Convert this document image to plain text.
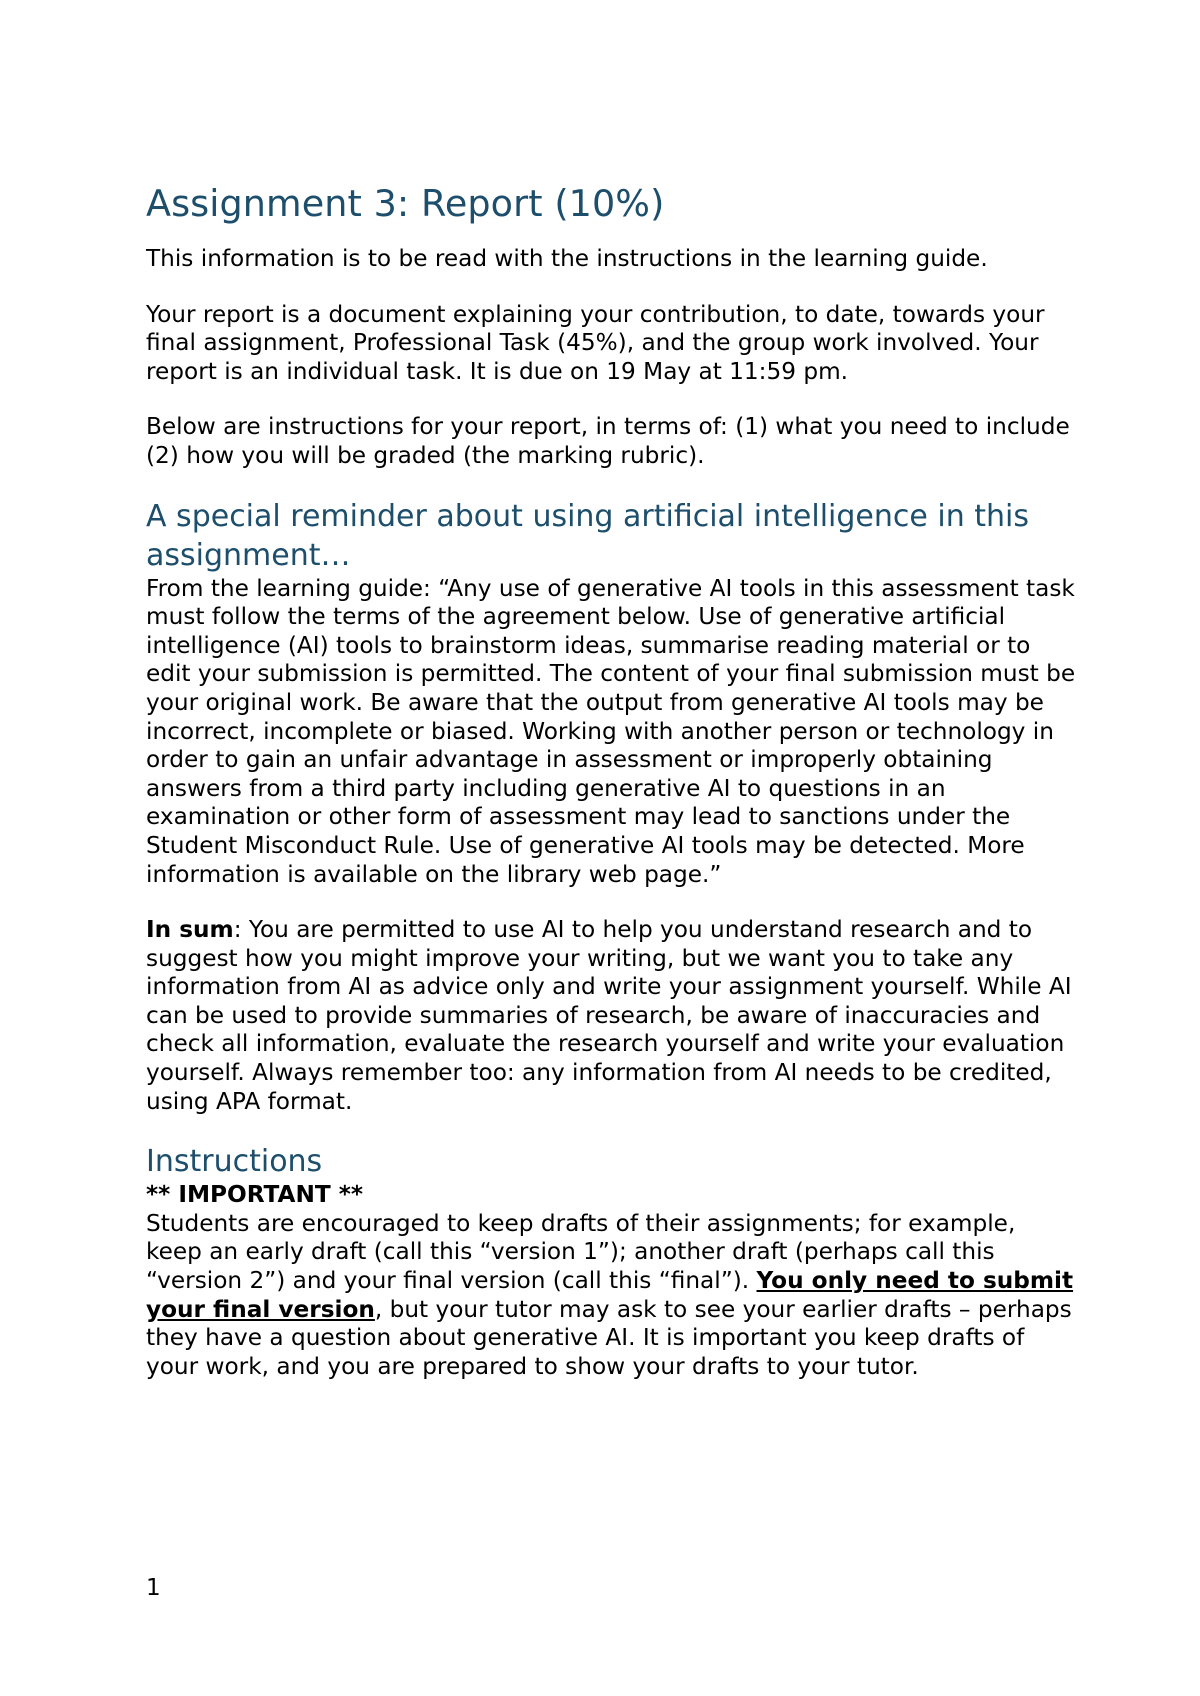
Assignment 3: Report (10%)

This information is to be read with the instructions in the learning guide.

Your report is a document explaining your contribution, to date, towards your final assignment, Professional Task (45%), and the group work involved. Your report is an individual task. It is due on 19 May at 11:59 pm.

Below are instructions for your report, in terms of: (1) what you need to include (2) how you will be graded (the marking rubric).

A special reminder about using artificial intelligence in this assignment…

From the learning guide: “Any use of generative AI tools in this assessment task must follow the terms of the agreement below. Use of generative artificial intelligence (AI) tools to brainstorm ideas, summarise reading material or to edit your submission is permitted. The content of your final submission must be your original work. Be aware that the output from generative AI tools may be incorrect, incomplete or biased. Working with another person or technology in order to gain an unfair advantage in assessment or improperly obtaining answers from a third party including generative AI to questions in an examination or other form of assessment may lead to sanctions under the Student Misconduct Rule. Use of generative AI tools may be detected. More information is available on the library web page.”

In sum: You are permitted to use AI to help you understand research and to suggest how you might improve your writing, but we want you to take any information from AI as advice only and write your assignment yourself. While AI can be used to provide summaries of research, be aware of inaccuracies and check all information, evaluate the research yourself and write your evaluation yourself. Always remember too: any information from AI needs to be credited, using APA format.

Instructions

** IMPORTANT **

Students are encouraged to keep drafts of their assignments; for example, keep an early draft (call this “version 1”); another draft (perhaps call this “version 2”) and your final version (call this “final”). You only need to submit your final version, but your tutor may ask to see your earlier drafts – perhaps they have a question about generative AI. It is important you keep drafts of your work, and you are prepared to show your drafts to your tutor.

1
